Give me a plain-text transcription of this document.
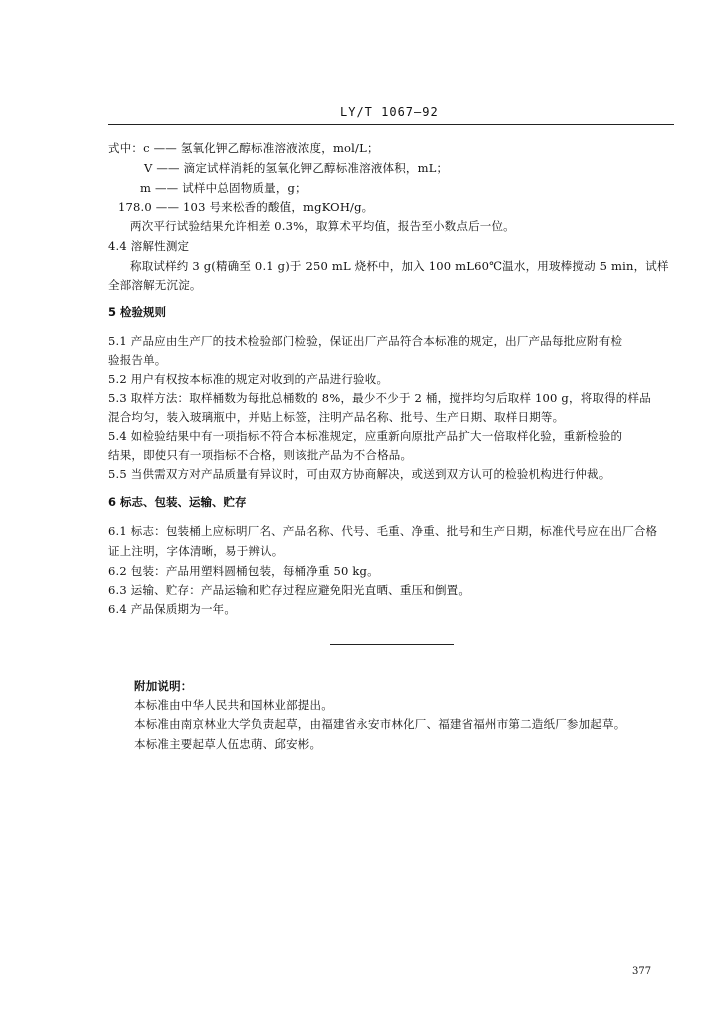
LY/T 1067—92
式中：c —— 氢氧化钾乙醇标准溶液浓度，mol/L；
V —— 滴定试样消耗的氢氧化钾乙醇标准溶液体积，mL；
m —— 试样中总固物质量，g；
178.0 —— 103 号来松香的酸值，mgKOH/g。
两次平行试验结果允许相差 0.3%，取算术平均值，报告至小数点后一位。
4.4 溶解性测定
称取试样约 3 g(精确至 0.1 g)于 250 mL 烧杯中，加入 100 mL60℃温水，用玻棒搅动 5 min，试样
全部溶解无沉淀。
5 检验规则
5.1 产品应由生产厂的技术检验部门检验，保证出厂产品符合本标准的规定，出厂产品每批应附有检
验报告单。
5.2 用户有权按本标准的规定对收到的产品进行验收。
5.3 取样方法：取样桶数为每批总桶数的 8%，最少不少于 2 桶，搅拌均匀后取样 100 g，将取得的样品
混合均匀，装入玻璃瓶中，并贴上标签，注明产品名称、批号、生产日期、取样日期等。
5.4 如检验结果中有一项指标不符合本标准规定，应重新向原批产品扩大一倍取样化验，重新检验的
结果，即使只有一项指标不合格，则该批产品为不合格品。
5.5 当供需双方对产品质量有异议时，可由双方协商解决，或送到双方认可的检验机构进行仲裁。
6 标志、包装、运输、贮存
6.1 标志：包装桶上应标明厂名、产品名称、代号、毛重、净重、批号和生产日期，标准代号应在出厂合格
证上注明，字体清晰，易于辨认。
6.2 包装：产品用塑料圆桶包装，每桶净重 50 kg。
6.3 运输、贮存：产品运输和贮存过程应避免阳光直晒、重压和倒置。
6.4 产品保质期为一年。
附加说明：
本标准由中华人民共和国林业部提出。
本标准由南京林业大学负责起草，由福建省永安市林化厂、福建省福州市第二造纸厂参加起草。
本标准主要起草人伍忠萌、邱安彬。
377
